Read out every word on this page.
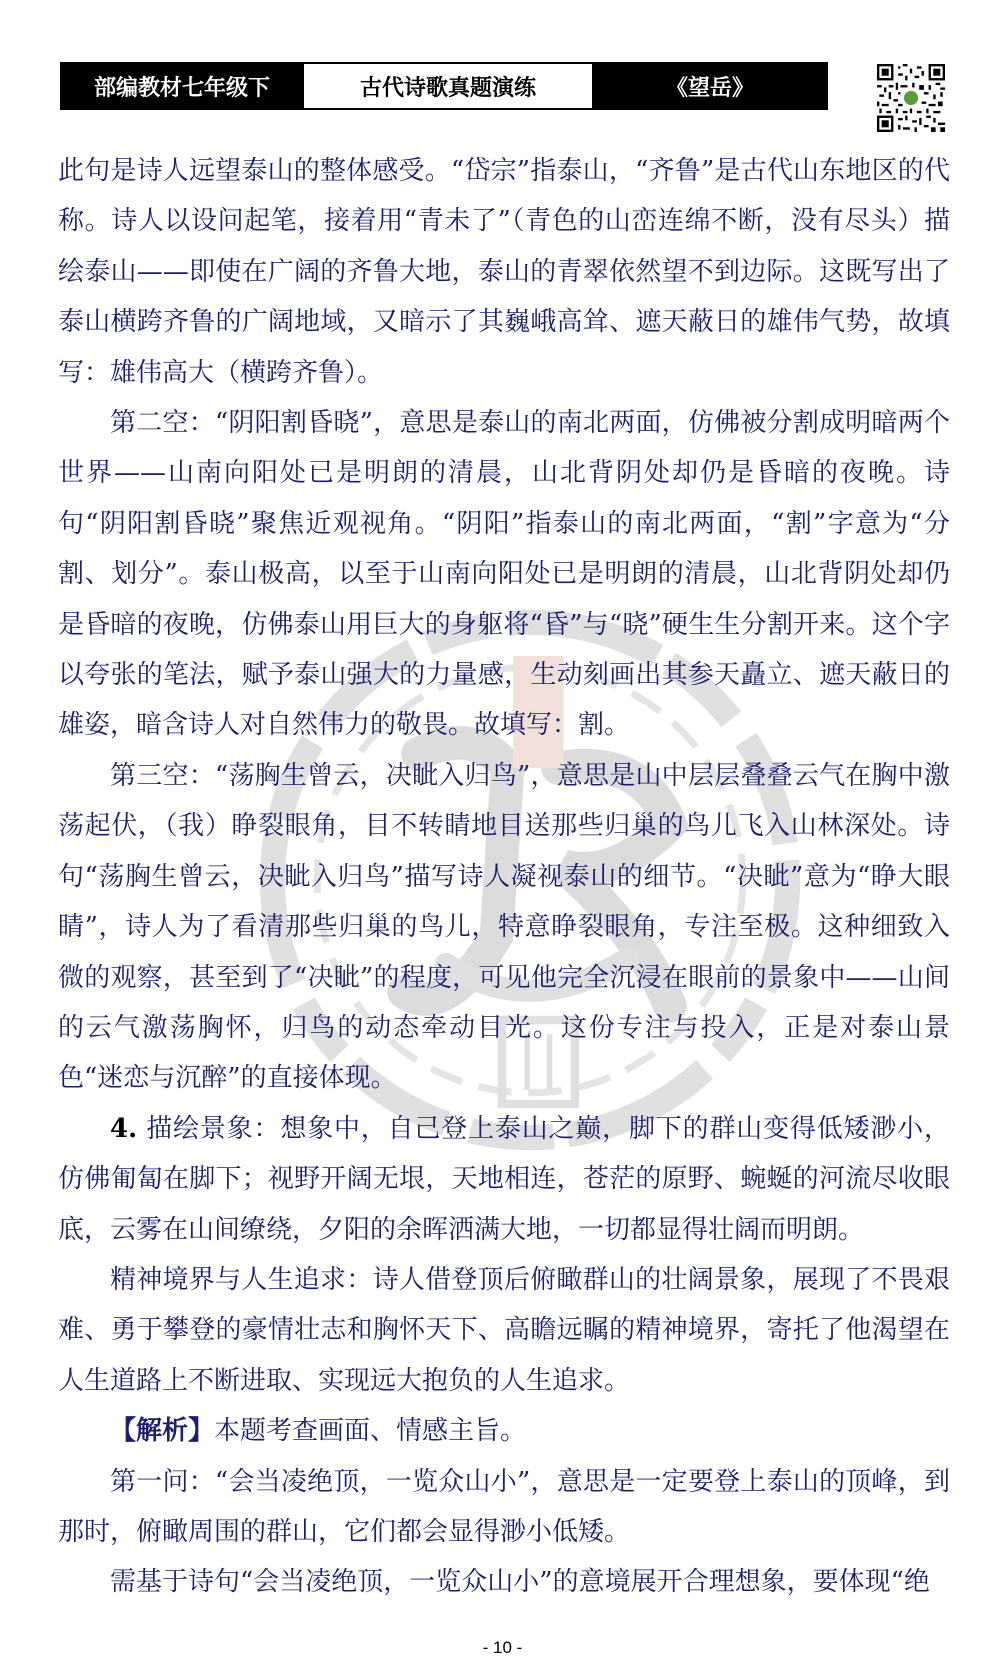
部编教材七年级下	古代诗歌真题演练	《望岳》

此句是诗人远望泰山的整体感受。“岱宗”指泰山，“齐鲁”是古代山东地区的代称。诗人以设问起笔，接着用“青未了”（青色的山峦连绵不断，没有尽头）描绘泰山——即使在广阔的齐鲁大地，泰山的青翠依然望不到边际。这既写出了泰山横跨齐鲁的广阔地域，又暗示了其巍峨高耸、遮天蔽日的雄伟气势，故填写：雄伟高大（横跨齐鲁）。

第二空：“阴阳割昏晓”，意思是泰山的南北两面，仿佛被分割成明暗两个世界——山南向阳处已是明朗的清晨，山北背阴处却仍是昏暗的夜晚。诗句“阴阳割昏晓”聚焦近观视角。“阴阳”指泰山的南北两面，“割”字意为“分割、划分”。泰山极高，以至于山南向阳处已是明朗的清晨，山北背阴处却仍是昏暗的夜晚，仿佛泰山用巨大的身躯将“昏”与“晓”硬生生分割开来。这个字以夸张的笔法，赋予泰山强大的力量感，生动刻画出其参天矗立、遮天蔽日的雄姿，暗含诗人对自然伟力的敬畏。故填写：割。

第三空：“荡胸生曾云，决眦入归鸟”，意思是山中层层叠叠云气在胸中激荡起伏，（我）睁裂眼角，目不转睛地目送那些归巢的鸟儿飞入山林深处。诗句“荡胸生曾云，决眦入归鸟”描写诗人凝视泰山的细节。“决眦”意为“睁大眼睛”，诗人为了看清那些归巢的鸟儿，特意睁裂眼角，专注至极。这种细致入微的观察，甚至到了“决眦”的程度，可见他完全沉浸在眼前的景象中——山间的云气激荡胸怀，归鸟的动态牵动目光。这份专注与投入，正是对泰山景色“迷恋与沉醉”的直接体现。

4. 描绘景象：想象中，自己登上泰山之巅，脚下的群山变得低矮渺小，仿佛匍匐在脚下；视野开阔无垠，天地相连，苍茫的原野、蜿蜒的河流尽收眼底，云雾在山间缭绕，夕阳的余晖洒满大地，一切都显得壮阔而明朗。

精神境界与人生追求：诗人借登顶后俯瞰群山的壮阔景象，展现了不畏艰难、勇于攀登的豪情壮志和胸怀天下、高瞻远瞩的精神境界，寄托了他渴望在人生道路上不断进取、实现远大抱负的人生追求。

【解析】本题考查画面、情感主旨。

第一问：“会当凌绝顶，一览众山小”，意思是一定要登上泰山的顶峰，到那时，俯瞰周围的群山，它们都会显得渺小低矮。

需基于诗句“会当凌绝顶，一览众山小”的意境展开合理想象，要体现“绝

- 10 -
